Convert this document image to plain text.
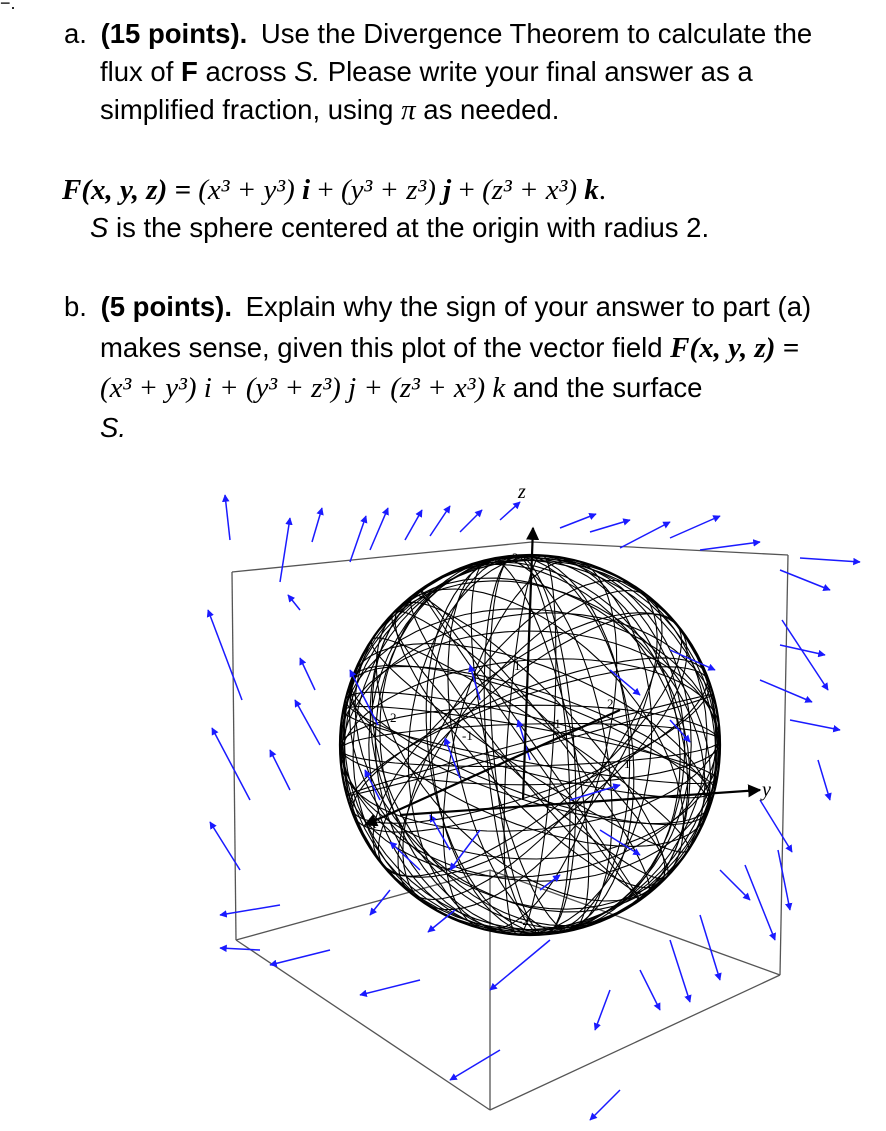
−.
a. (15 points). Use the Divergence Theorem to calculate the
flux of F across S. Please write your final answer as a
simplified fraction, using π as needed.
F(x, y, z) = (x³ + y³) i + (y³ + z³) j + (z³ + x³) k.
S is the sphere centered at the origin with radius 2.
b. (5 points). Explain why the sign of your answer to part (a)
makes sense, given this plot of the vector field F(x, y, z) =
(x³ + y³) i + (y³ + z³) j + (z³ + x³) k and the surface
S.
z
y
x
2
1
-1
2
1
-1
2
1
-2
